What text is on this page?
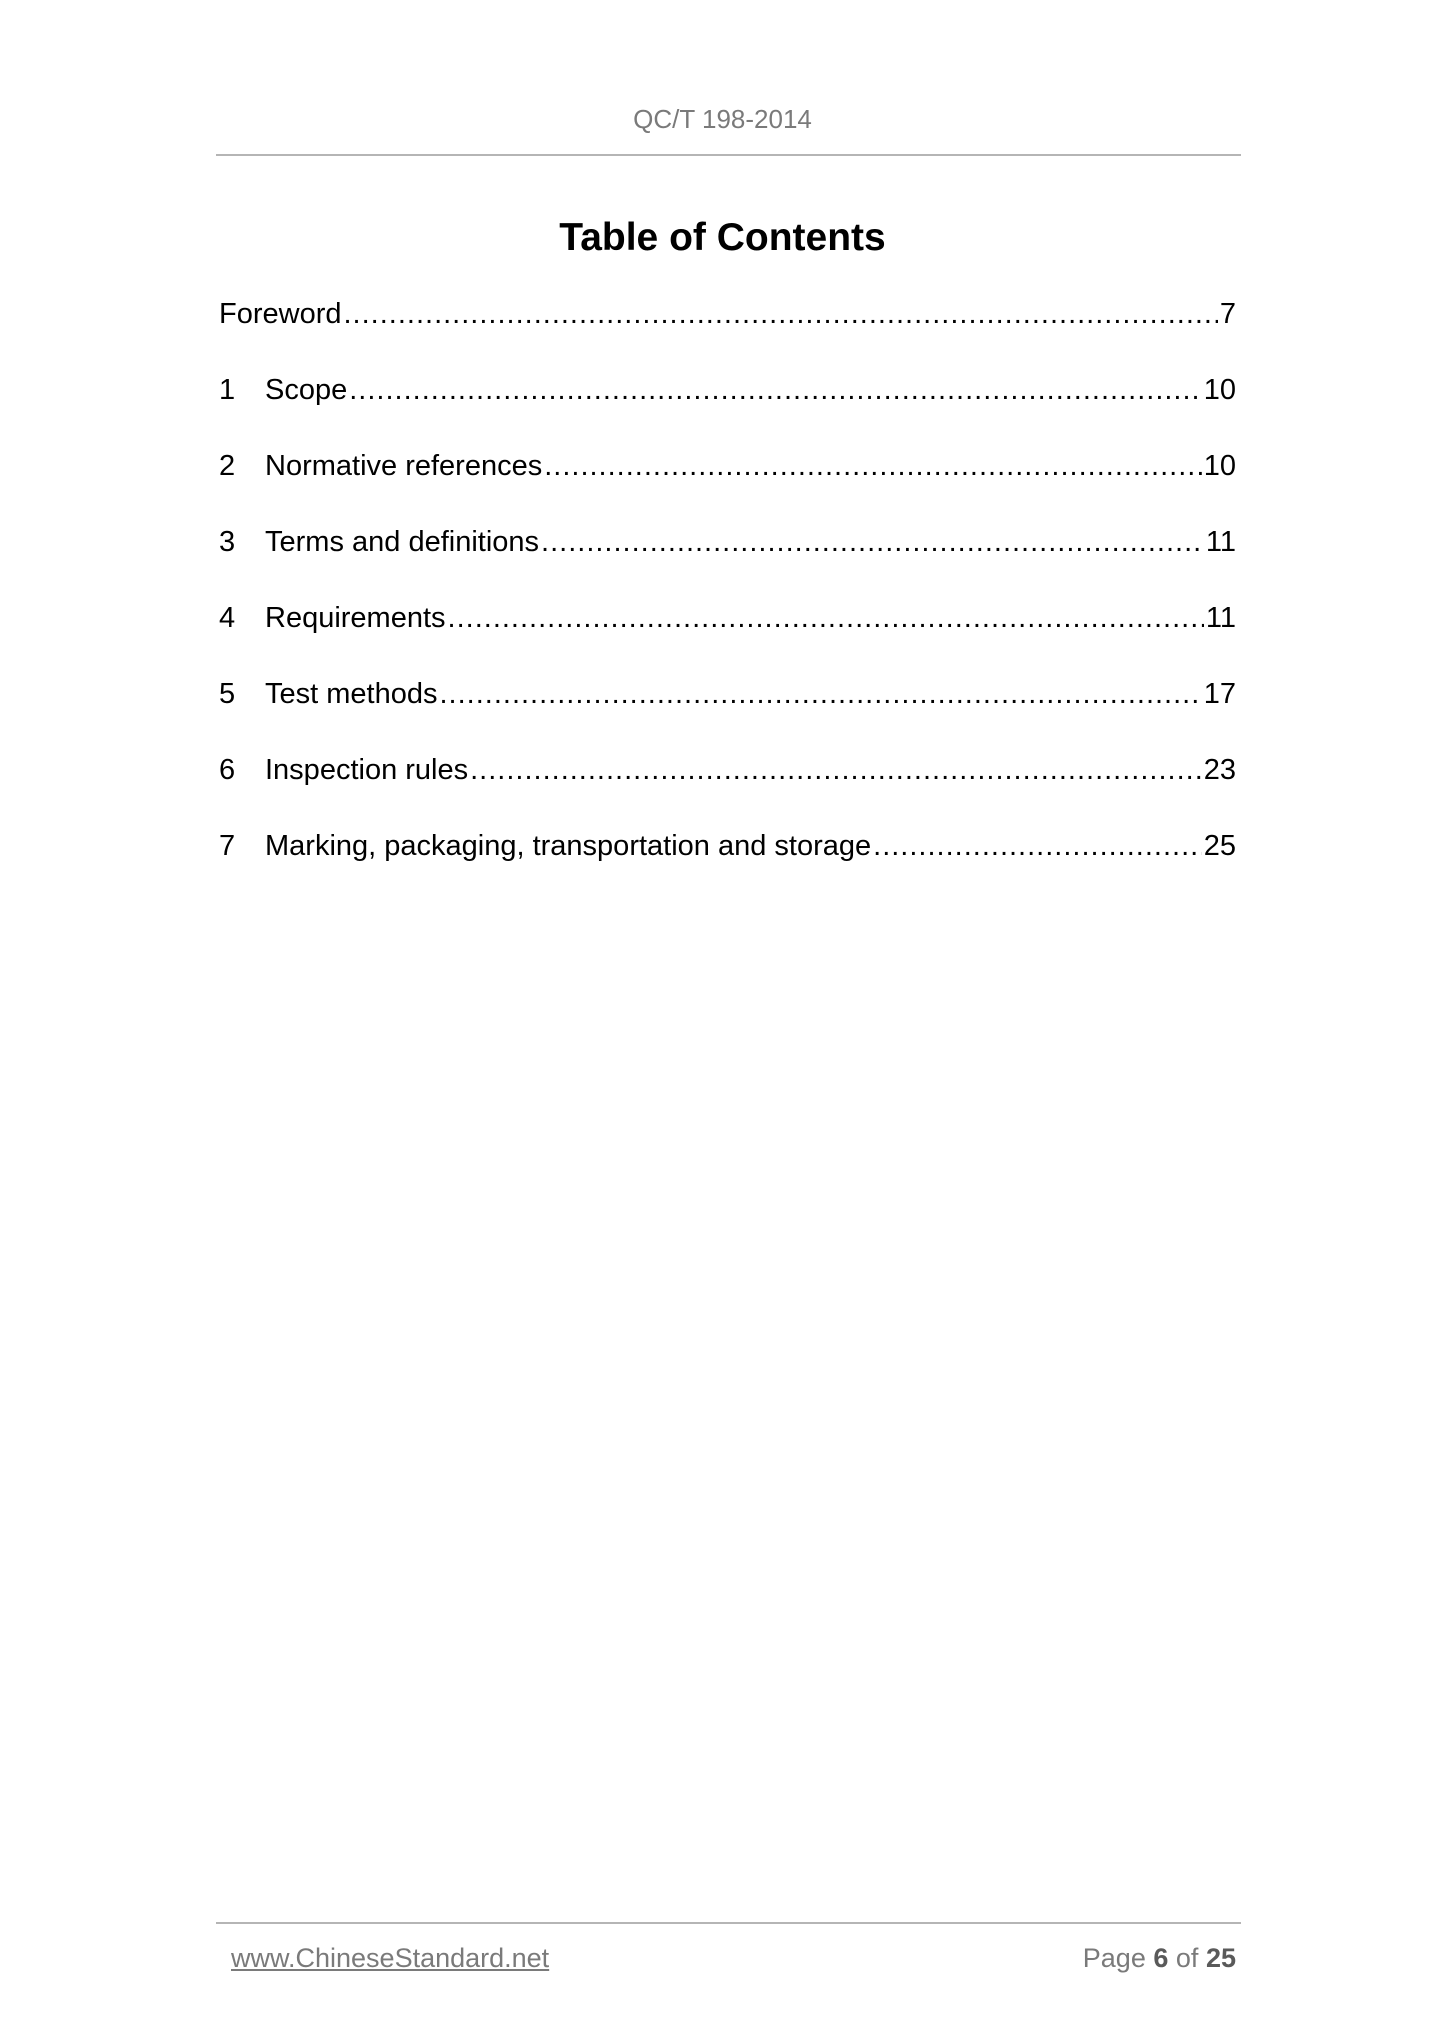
QC/T 198-2014
Table of Contents
Foreword .....	7
1	Scope .....	10
2	Normative references .....	10
3	Terms and definitions .....	11
4	Requirements .....	11
5	Test methods .....	17
6	Inspection rules .....	23
7	Marking, packaging, transportation and storage .....	25
www.ChineseStandard.net	Page 6 of 25
